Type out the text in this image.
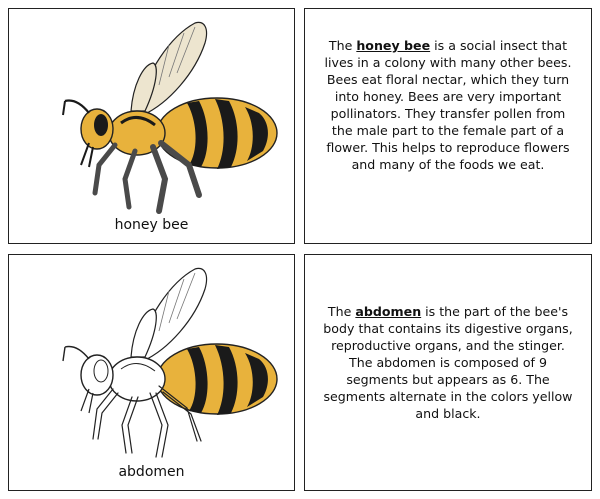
honey bee
The honey bee is a social insect that lives in a colony with many other bees. Bees eat floral nectar, which they turn into honey. Bees are very important pollinators. They transfer pollen from the male part to the female part of a flower. This helps to reproduce flowers and many of the foods we eat.
abdomen
The abdomen is the part of the bee's body that contains its digestive organs, reproductive organs, and the stinger. The abdomen is composed of 9 segments but appears as 6. The segments alternate in the colors yellow and black.
